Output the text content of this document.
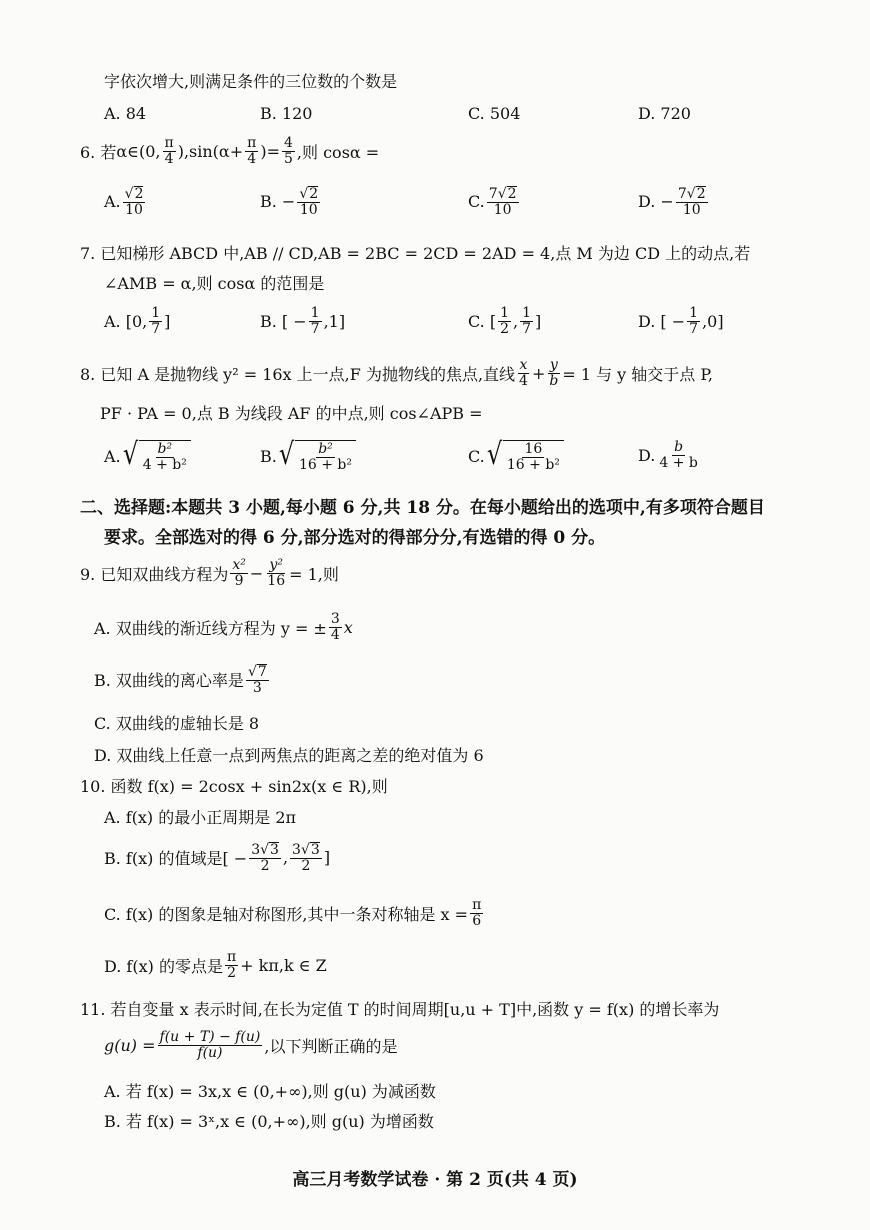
字依次增大,则满足条件的三位数的个数是
A. 84	B. 120	C. 504	D. 720
6. 若 α∈(0, $\frac{\pi}{4} ),\sin(\alpha+ \frac{\pi}{4}$ )= $\frac{4}{5}$ ,则 cosα =
A. $\frac{√2}{10}$	B. − $\frac{√2}{10}$	C. $\frac{7√2}{10}$	D. − $\frac{7√2}{10}$
7. 已知梯形 ABCD 中,AB // CD,AB = 2BC = 2CD = 2AD = 4,点 M 为边 CD 上的动点,若
∠AMB = α,则 cosα 的范围是
A. [0, $\frac{1}{7}$ ]	B. [ − $\frac{1}{7} ,1$]	C. [ $\frac{1}{2}$ , $\frac{1}{7}$ ]	D. [ − $\frac{1}{7} ,0$]
8. 已知 A 是抛物线 y² = 16x 上一点,F 为抛物线的焦点,直线 $\frac{x}{4} + \frac{y}{b} = 1$ 与 y 轴交于点 P,
PF · PA = 0,点 B 为线段 AF 的中点,则 cos∠APB =
A. √ $\frac{\text{b²}}{\text{4 + b²}}$	B. √ $\frac{\text{b²}}{\text{16 + b²}}$	C. √ $\frac{16}{\text{16 + b²}}$	D. $\frac{b}{4 + b}$
二、选择题:本题共 3 小题,每小题 6 分,共 18 分。在每小题给出的选项中,有多项符合题目
要求。全部选对的得 6 分,部分选对的得部分分,有选错的得 0 分。
9. 已知双曲线方程为 $\frac{\text{x²}}{9} - \frac{\text{y²}}{16} = 1$,则
A. 双曲线的渐近线方程为 y = ± $\frac{3}{4}$ x
B. 双曲线的离心率是 $\frac{√7}{3}$
C. 双曲线的虚轴长是 8
D. 双曲线上任意一点到两焦点的距离之差的绝对值为 6
10. 函数 f(x) = 2cosx + sin2x(x ∈ R),则
A. f(x) 的最小正周期是 2π
B. f(x) 的值域是[ − $\frac{3√3}{2}$ , $\frac{3√3}{2}$ ]
C. f(x) 的图象是轴对称图形,其中一条对称轴是 $x = \frac{\pi}{6}$
D. f(x) 的零点是 $\frac{\pi}{2} + k\pi,k$ ∈ Z
11. 若自变量 x 表示时间,在长为定值 T 的时间周期[u,u + T]中,函数 y = f(x) 的增长率为
$g(u) = \frac{f(u + T) - f(u)}{f(u)}$ ,以下判断正确的是
A. 若 f(x) = 3x,x ∈ (0,+∞),则 g(u) 为减函数
B. 若 f(x) = 3ˣ,x ∈ (0,+∞),则 g(u) 为增函数
高三月考数学试卷 · 第 2 页(共 4 页)
